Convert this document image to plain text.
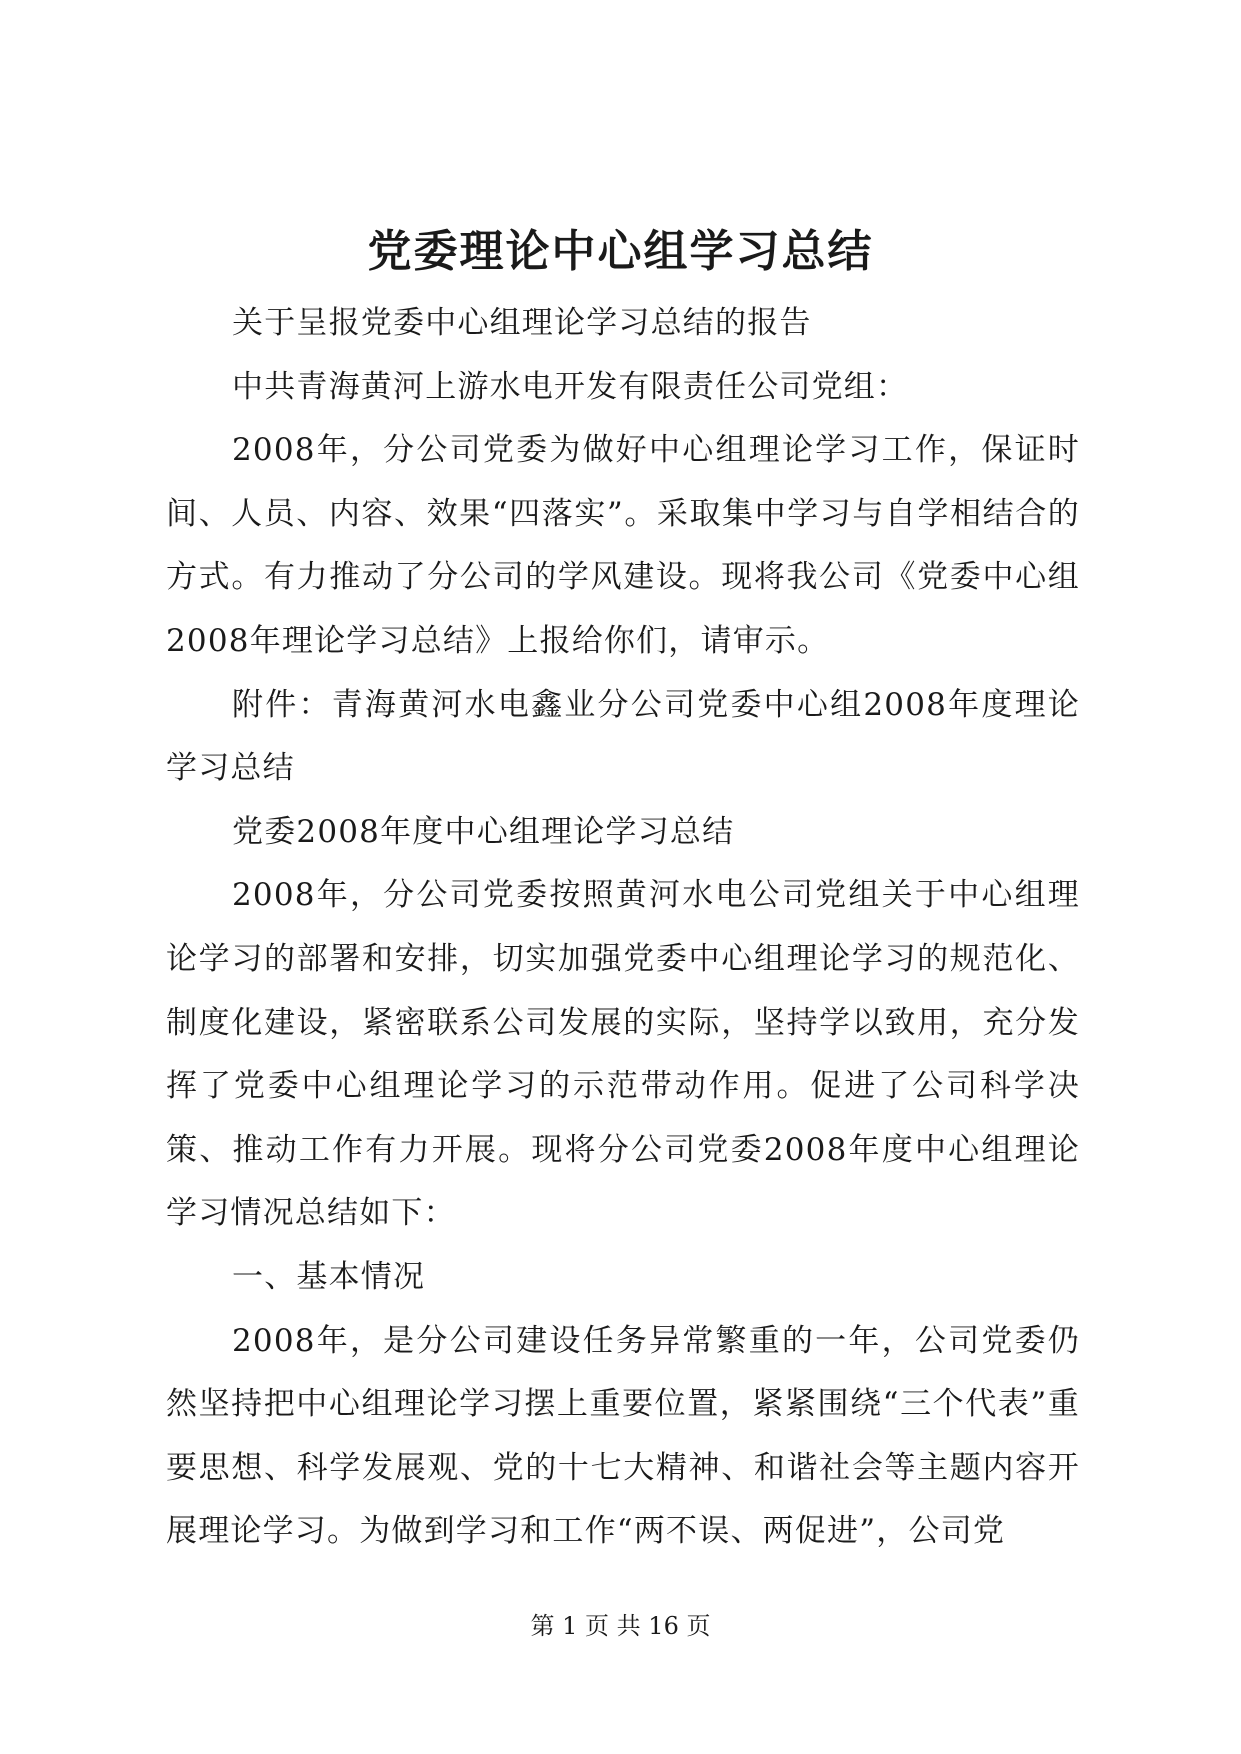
党委理论中心组学习总结

关于呈报党委中心组理论学习总结的报告

中共青海黄河上游水电开发有限责任公司党组：

2008年，分公司党委为做好中心组理论学习工作，保证时间、人员、内容、效果“四落实”。采取集中学习与自学相结合的方式。有力推动了分公司的学风建设。现将我公司《党委中心组2008年理论学习总结》上报给你们，请审示。

附件：青海黄河水电鑫业分公司党委中心组2008年度理论学习总结

党委2008年度中心组理论学习总结

2008年，分公司党委按照黄河水电公司党组关于中心组理论学习的部署和安排，切实加强党委中心组理论学习的规范化、制度化建设，紧密联系公司发展的实际，坚持学以致用，充分发挥了党委中心组理论学习的示范带动作用。促进了公司科学决策、推动工作有力开展。现将分公司党委2008年度中心组理论学习情况总结如下：

一、基本情况

2008年，是分公司建设任务异常繁重的一年，公司党委仍然坚持把中心组理论学习摆上重要位置，紧紧围绕“三个代表”重要思想、科学发展观、党的十七大精神、和谐社会等主题内容开展理论学习。为做到学习和工作“两不误、两促进”，公司党

第 1 页 共 16 页
